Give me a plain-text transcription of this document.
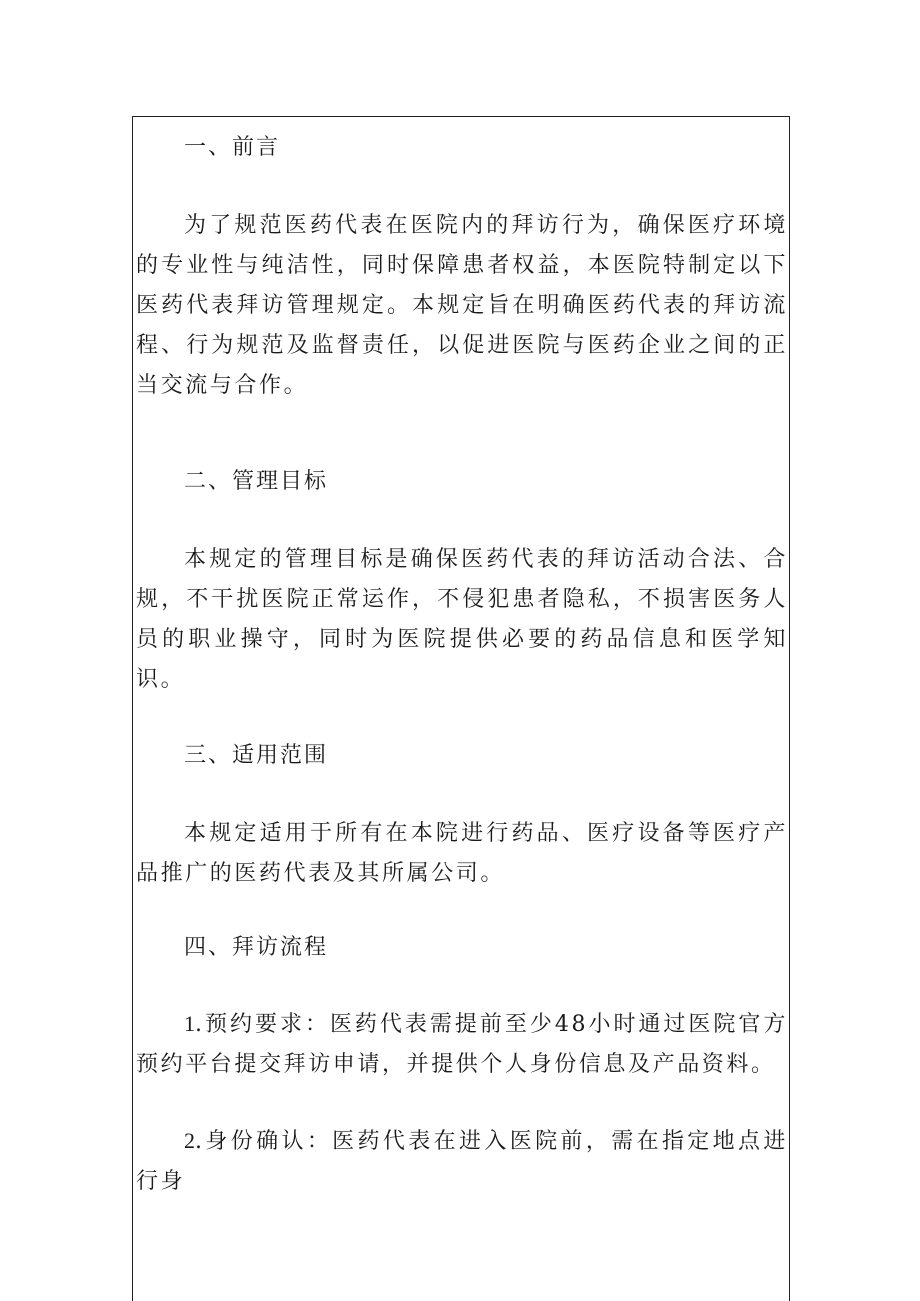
一、前言

为了规范医药代表在医院内的拜访行为，确保医疗环境的专业性与纯洁性，同时保障患者权益，本医院特制定以下医药代表拜访管理规定。本规定旨在明确医药代表的拜访流程、行为规范及监督责任，以促进医院与医药企业之间的正当交流与合作。

二、管理目标

本规定的管理目标是确保医药代表的拜访活动合法、合规，不干扰医院正常运作，不侵犯患者隐私，不损害医务人员的职业操守，同时为医院提供必要的药品信息和医学知识。

三、适用范围

本规定适用于所有在本院进行药品、医疗设备等医疗产品推广的医药代表及其所属公司。

四、拜访流程

1.预约要求：医药代表需提前至少48小时通过医院官方预约平台提交拜访申请，并提供个人身份信息及产品资料。

2.身份确认：医药代表在进入医院前，需在指定地点进行身
